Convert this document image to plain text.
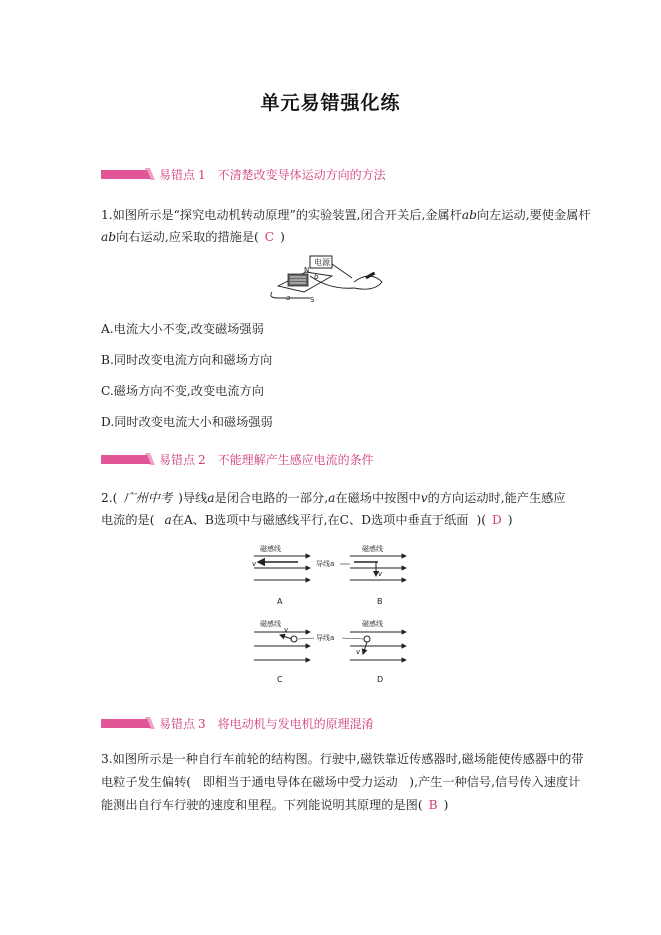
单元易错强化练
易错点 1 不清楚改变导体运动方向的方法
1.如图所示是“探究电动机转动原理”的实验装置,闭合开关后,金属杆ab向左运动,要使金属杆
ab向右运动,应采取的措施是( C )
电源
N
S
a
b
A.电流大小不变,改变磁场强弱
B.同时改变电流方向和磁场方向
C.磁场方向不变,改变电流方向
D.同时改变电流大小和磁场强弱
易错点 2 不能理解产生感应电流的条件
2.( 广州中考 )导线a是闭合电路的一部分,a在磁场中按图中v的方向运动时,能产生感应
电流的是( a在A、B选项中与磁感线平行,在C、D选项中垂直于纸面 )( D )
磁感线
v
A
导线a
磁感线
v
B
磁感线
v
C
导线a
磁感线
v
D
易错点 3 将电动机与发电机的原理混淆
3.如图所示是一种自行车前轮的结构图。行驶中,磁铁靠近传感器时,磁场能使传感器中的带
电粒子发生偏转(   即相当于通电导体在磁场中受力运动   ),产生一种信号,信号传入速度计
能测出自行车行驶的速度和里程。下列能说明其原理的是图( B )
